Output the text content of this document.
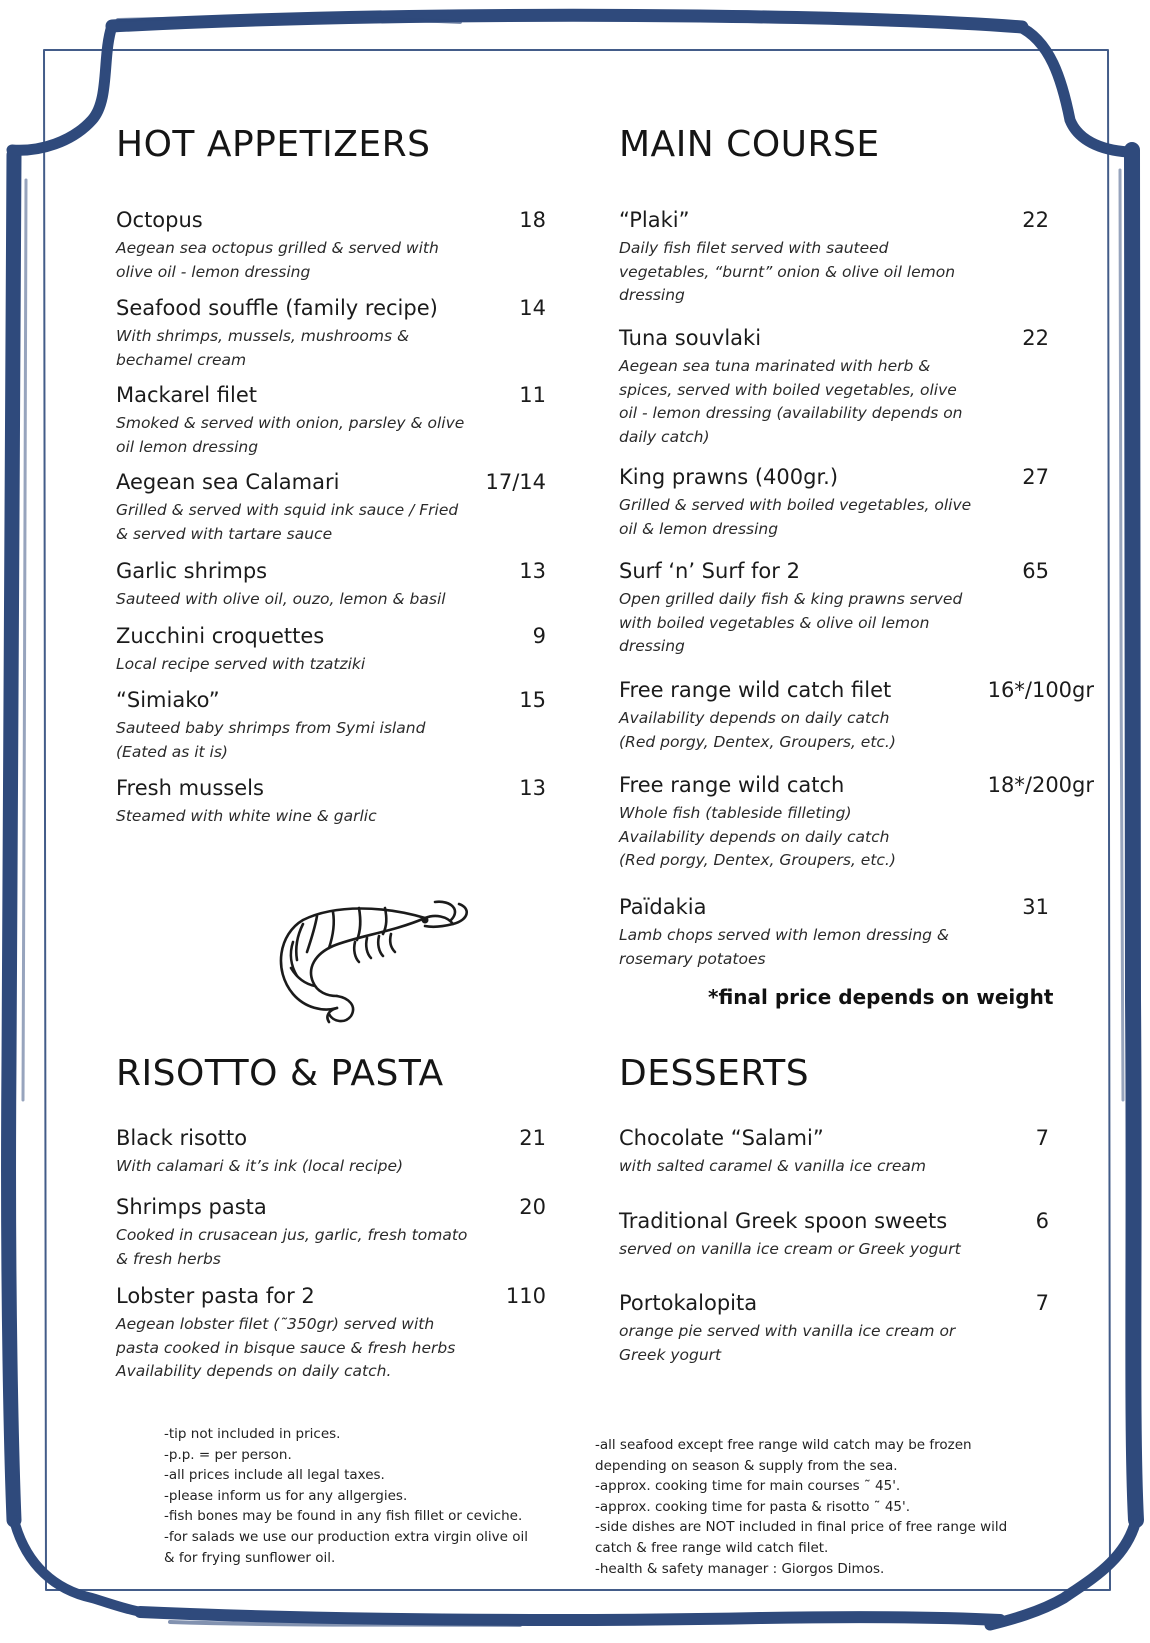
HOT APPETIZERS
Octopus	18
Aegean sea octopus grilled & served with
olive oil - lemon dressing
Seafood souffle (family recipe)	14
With shrimps, mussels, mushrooms &
bechamel cream
Mackarel filet	11
Smoked & served with onion, parsley & olive
oil lemon dressing
Aegean sea Calamari	17/14
Grilled & served with squid ink sauce / Fried
& served with tartare sauce
Garlic shrimps	13
Sauteed with olive oil, ouzo, lemon & basil
Zucchini croquettes	9
Local recipe served with tzatziki
“Simiako”	15
Sauteed baby shrimps from Symi island
(Eated as it is)
Fresh mussels	13
Steamed with white wine & garlic
RISOTTO & PASTA
Black risotto	21
With calamari & it’s ink (local recipe)
Shrimps pasta	20
Cooked in crusacean jus, garlic, fresh tomato
& fresh herbs
Lobster pasta for 2	110
Aegean lobster filet (˜350gr) served with
pasta cooked in bisque sauce & fresh herbs
Availability depends on daily catch.
MAIN COURSE
“Plaki”	22
Daily fish filet served with sauteed
vegetables, “burnt” onion & olive oil lemon
dressing
Tuna souvlaki	22
Aegean sea tuna marinated with herb &
spices, served with boiled vegetables, olive
oil - lemon dressing (availability depends on
daily catch)
King prawns (400gr.)	27
Grilled & served with boiled vegetables, olive
oil & lemon dressing
Surf ‘n’ Surf for 2	65
Open grilled daily fish & king prawns served
with boiled vegetables & olive oil lemon
dressing
Free range wild catch filet	16*/100gr
Availability depends on daily catch
(Red porgy, Dentex, Groupers, etc.)
Free range wild catch	18*/200gr
Whole fish (tableside filleting)
Availability depends on daily catch
(Red porgy, Dentex, Groupers, etc.)
Païdakia	31
Lamb chops served with lemon dressing &
rosemary potatoes
*final price depends on weight
DESSERTS
Chocolate “Salami”	7
with salted caramel & vanilla ice cream
Traditional Greek spoon sweets	6
served on vanilla ice cream or Greek yogurt
Portokalopita	7
orange pie served with vanilla ice cream or
Greek yogurt
-tip not included in prices.
-p.p. = per person.
-all prices include all legal taxes.
-please inform us for any allgergies.
-fish bones may be found in any fish fillet or ceviche.
-for salads we use our production extra virgin olive oil
& for frying sunflower oil.
-all seafood except free range wild catch may be frozen
depending on season & supply from the sea.
-approx. cooking time for main courses ˜ 45'.
-approx. cooking time for pasta & risotto ˜ 45'.
-side dishes are NOT included in final price of free range wild
catch & free range wild catch filet.
-health & safety manager : Giorgos Dimos.
